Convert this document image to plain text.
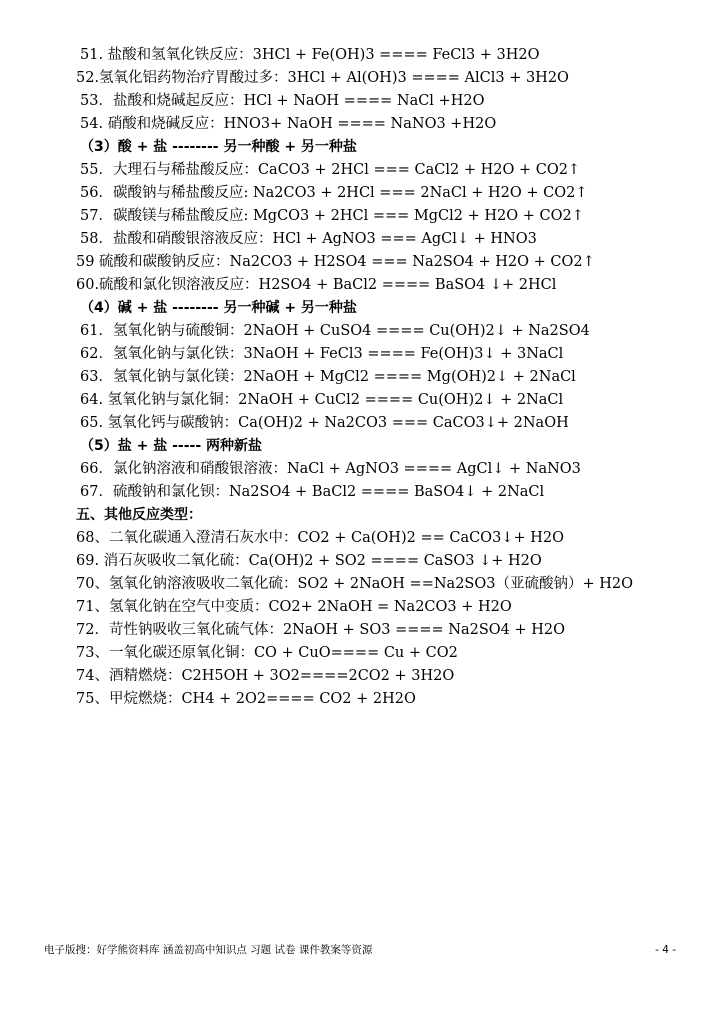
51. 盐酸和氢氧化铁反应：3HCl + Fe(OH)3 ==== FeCl3 + 3H2O
52.氢氧化铝药物治疗胃酸过多：3HCl + Al(OH)3 ==== AlCl3 + 3H2O
53．盐酸和烧碱起反应：HCl + NaOH ==== NaCl +H2O
54. 硝酸和烧碱反应：HNO3+ NaOH ==== NaNO3 +H2O
（3）酸 + 盐 -------- 另一种酸 + 另一种盐
55．大理石与稀盐酸反应：CaCO3 + 2HCl === CaCl2 + H2O + CO2↑
56．碳酸钠与稀盐酸反应: Na2CO3 + 2HCl === 2NaCl + H2O + CO2↑
57．碳酸镁与稀盐酸反应: MgCO3 + 2HCl === MgCl2 + H2O + CO2↑
58．盐酸和硝酸银溶液反应：HCl + AgNO3 === AgCl↓ + HNO3
59 硫酸和碳酸钠反应：Na2CO3 + H2SO4 === Na2SO4 + H2O + CO2↑
60.硫酸和氯化钡溶液反应：H2SO4 + BaCl2 ==== BaSO4 ↓+ 2HCl
（4）碱 + 盐 -------- 另一种碱 + 另一种盐
61．氢氧化钠与硫酸铜：2NaOH + CuSO4 ==== Cu(OH)2↓ + Na2SO4
62．氢氧化钠与氯化铁：3NaOH + FeCl3 ==== Fe(OH)3↓ + 3NaCl
63．氢氧化钠与氯化镁：2NaOH + MgCl2 ==== Mg(OH)2↓ + 2NaCl
64. 氢氧化钠与氯化铜：2NaOH + CuCl2 ==== Cu(OH)2↓ + 2NaCl
65. 氢氧化钙与碳酸钠：Ca(OH)2 + Na2CO3 === CaCO3↓+ 2NaOH
（5）盐 + 盐 ----- 两种新盐
66．氯化钠溶液和硝酸银溶液：NaCl + AgNO3 ==== AgCl↓ + NaNO3
67．硫酸钠和氯化钡：Na2SO4 + BaCl2 ==== BaSO4↓ + 2NaCl
五、其他反应类型：
68、二氧化碳通入澄清石灰水中：CO2 + Ca(OH)2 == CaCO3↓+ H2O
69. 消石灰吸收二氧化硫：Ca(OH)2 + SO2 ==== CaSO3 ↓+ H2O
70、氢氧化钠溶液吸收二氧化硫：SO2 + 2NaOH ==Na2SO3（亚硫酸钠）+ H2O
71、氢氧化钠在空气中变质：CO2+ 2NaOH = Na2CO3 + H2O
72．苛性钠吸收三氧化硫气体：2NaOH + SO3 ==== Na2SO4 + H2O
73、一氧化碳还原氧化铜：CO + CuO==== Cu + CO2
74、酒精燃烧：C2H5OH + 3O2====2CO2 + 3H2O
75、甲烷燃烧：CH4 + 2O2==== CO2 + 2H2O
电子版搜：好学熊资料库 涵盖初高中知识点 习题 试卷 课件教案等资源	- 4 -
